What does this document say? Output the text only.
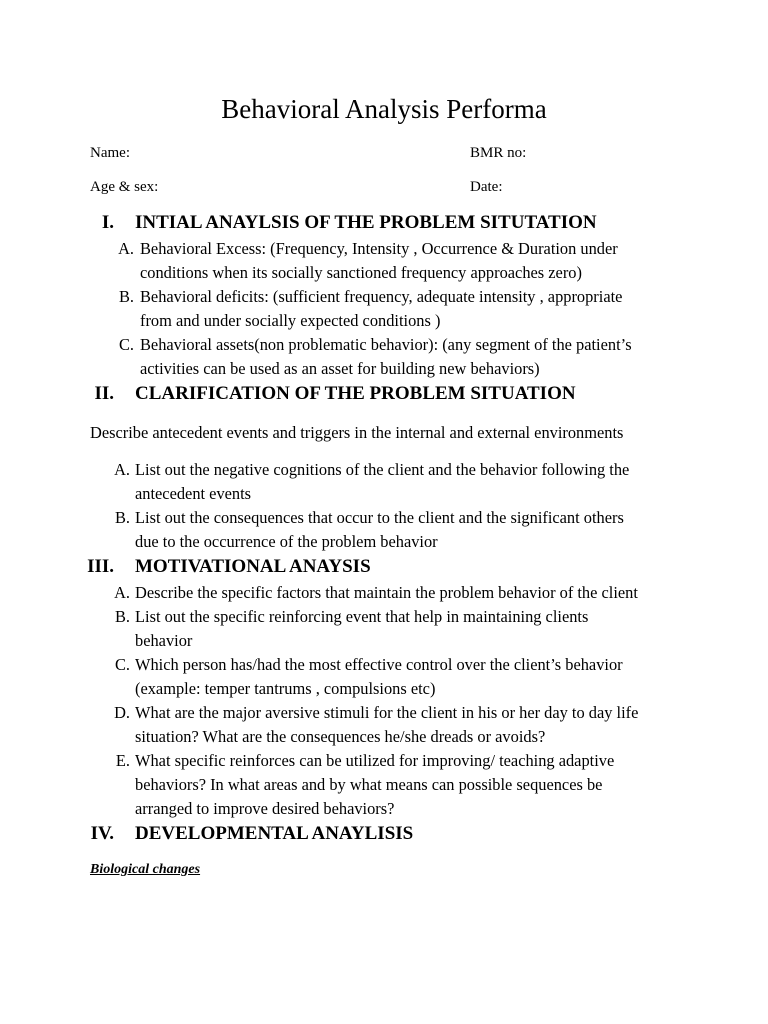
Behavioral Analysis Performa
Name:	BMR no:
Age & sex:	Date:
I. INTIAL ANAYLSIS OF THE PROBLEM SITUTATION
A. Behavioral Excess: (Frequency, Intensity , Occurrence & Duration under
conditions when its socially sanctioned frequency approaches zero)
B. Behavioral deficits: (sufficient frequency, adequate intensity , appropriate
from and under socially expected conditions )
C. Behavioral assets(non problematic behavior): (any segment of the patient’s
activities can be used as an asset for building new behaviors)
II. CLARIFICATION OF THE PROBLEM SITUATION
Describe antecedent events and triggers in the internal and external environments
A. List out the negative cognitions of the client and the behavior following the
antecedent events
B. List out the consequences that occur to the client and the significant others
due to the occurrence of the problem behavior
III. MOTIVATIONAL ANAYSIS
A. Describe the specific factors that maintain the problem behavior of the client
B. List out the specific reinforcing event that help in maintaining clients
behavior
C. Which person has/had the most effective control over the client’s behavior
(example: temper tantrums , compulsions etc)
D. What are the major aversive stimuli for the client in his or her day to day life
situation? What are the consequences he/she dreads or avoids?
E. What specific reinforces can be utilized for improving/ teaching adaptive
behaviors? In what areas and by what means can possible sequences be
arranged to improve desired behaviors?
IV. DEVELOPMENTAL ANAYLISIS
Biological changes
